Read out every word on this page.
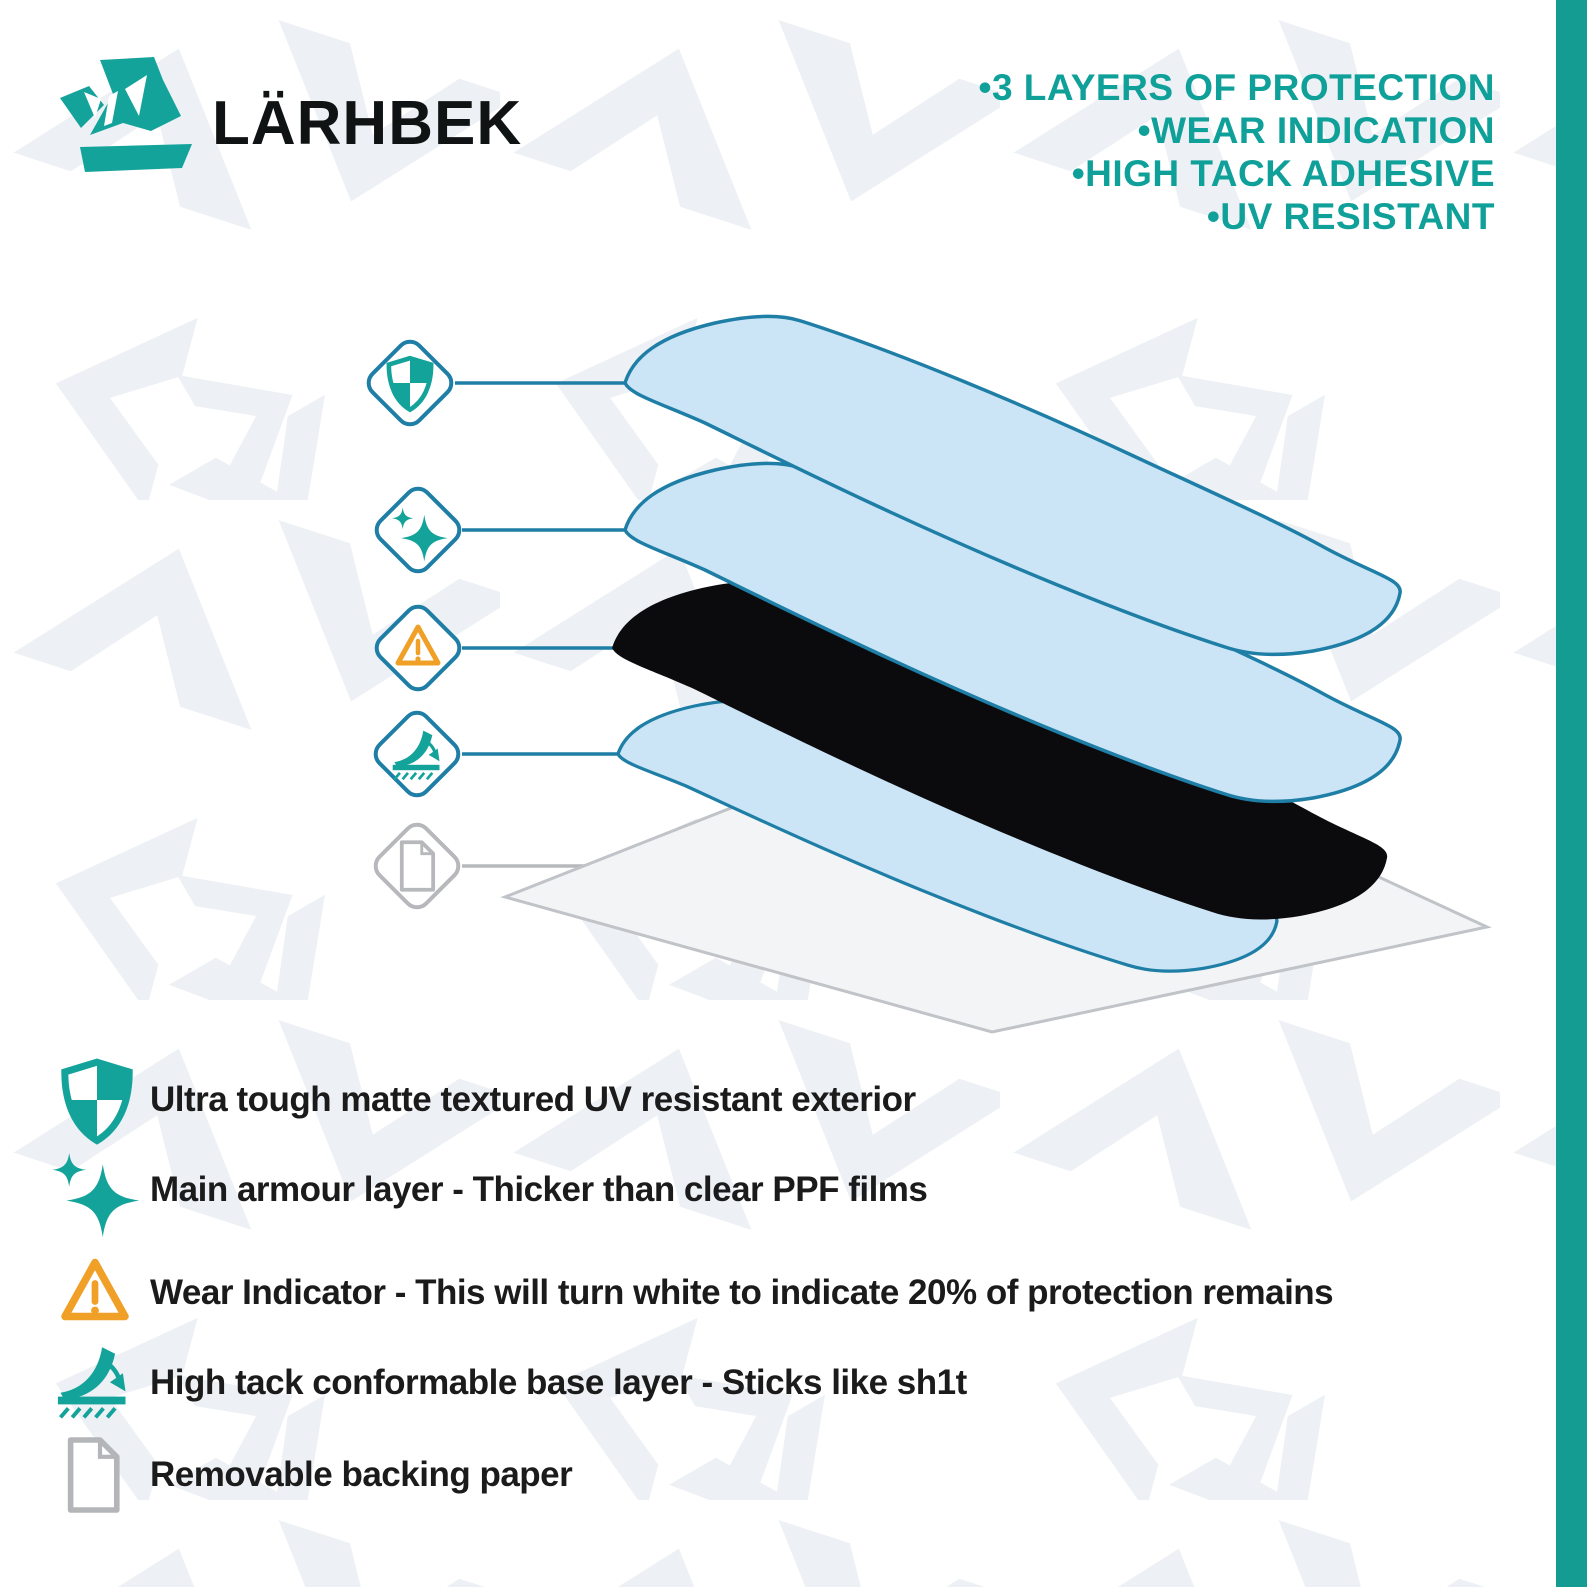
LÄRHBEK
•3 LAYERS OF PROTECTION
•WEAR INDICATION
•HIGH TACK ADHESIVE
•UV RESISTANT
Ultra tough matte textured UV resistant exterior
Main armour layer - Thicker than clear PPF films
Wear Indicator - This will turn white to indicate 20% of protection remains
High tack conformable base layer - Sticks like sh1t
Removable backing paper
